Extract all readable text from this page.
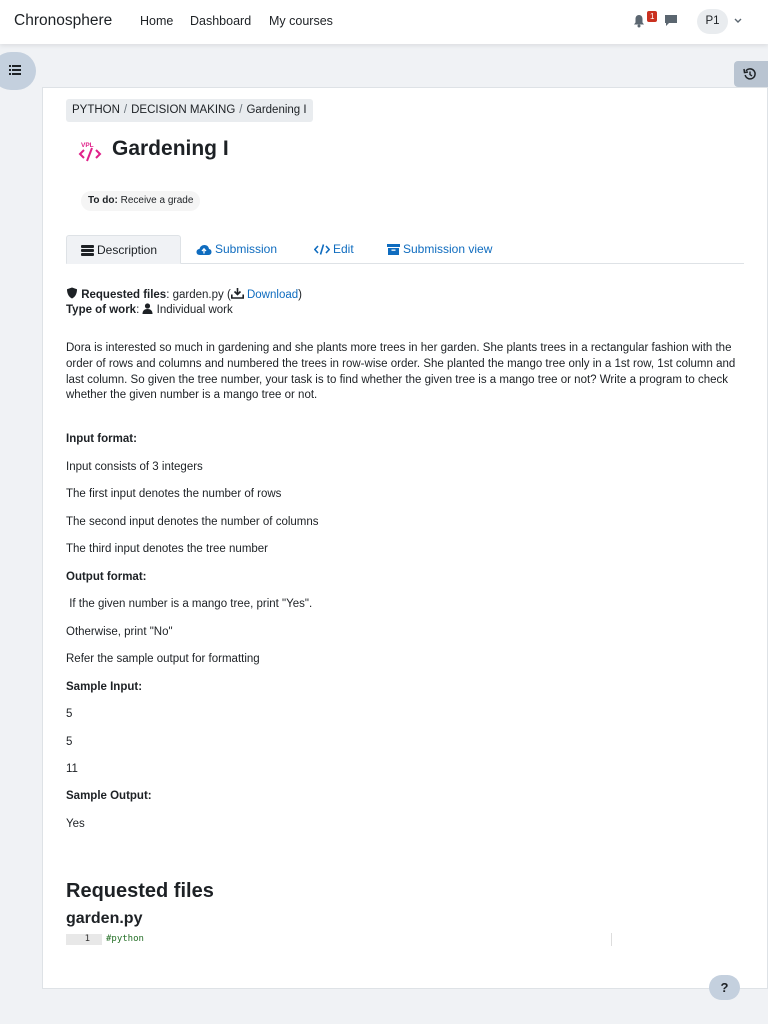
Chronosphere Home Dashboard My courses	1	P1
PYTHON / DECISION MAKING / Gardening I
VPL Gardening I
To do: Receive a grade
Description	Submission	Edit	Submission view
Requested files: garden.py ( Download)
Type of work:  Individual work

Dora is interested so much in gardening and she plants more trees in her garden. She plants trees in a rectangular fashion with the order of rows and columns and numbered the trees in row-wise order. She planted the mango tree only in a 1st row, 1st column and last column. So given the tree number, your task is to find whether the given tree is a mango tree or not? Write a program to check whether the given number is a mango tree or not.

Input format:
Input consists of 3 integers
The first input denotes the number of rows
The second input denotes the number of columns
The third input denotes the tree number
Output format:
If the given number is a mango tree, print "Yes".
Otherwise, print "No"
Refer the sample output for formatting
Sample Input:
5
5
11
Sample Output:
Yes
Requested files
garden.py
1	#python
?
